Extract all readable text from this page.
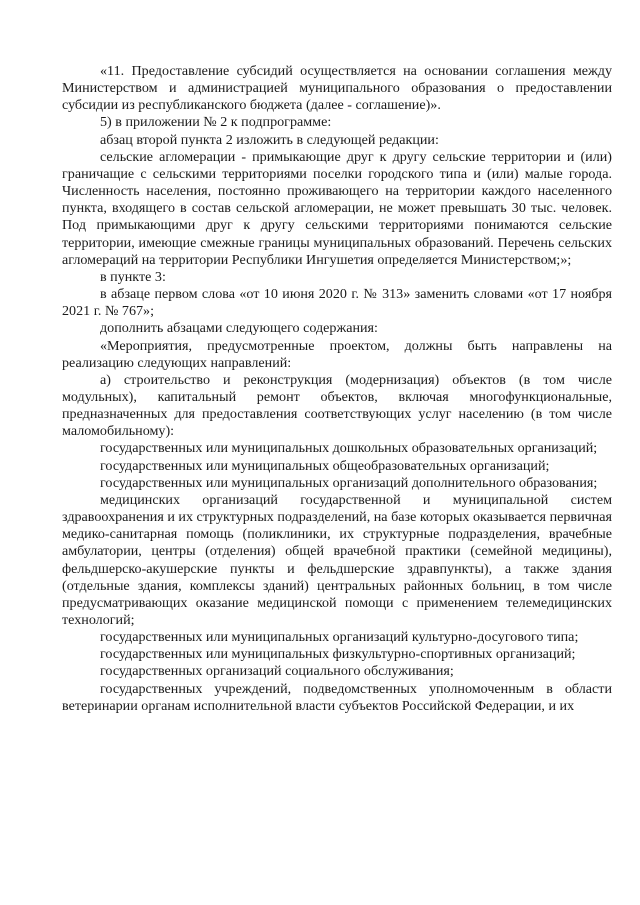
«11. Предоставление субсидий осуществляется на основании соглашения между Министерством и администрацией муниципального образования о предоставлении субсидии из республиканского бюджета (далее - соглашение)».

5) в приложении № 2 к подпрограмме:

абзац второй пункта 2 изложить в следующей редакции:

сельские агломерации - примыкающие друг к другу сельские территории и (или) граничащие с сельскими территориями поселки городского типа и (или) малые города. Численность населения, постоянно проживающего на территории каждого населенного пункта, входящего в состав сельской агломерации, не может превышать 30 тыс. человек. Под примыкающими друг к другу сельскими территориями понимаются сельские территории, имеющие смежные границы муниципальных образований. Перечень сельских агломераций на территории Республики Ингушетия определяется Министерством;»;

в пункте 3:

в абзаце первом слова «от 10 июня 2020 г. № 313» заменить словами «от 17 ноября 2021 г. № 767»;

дополнить абзацами следующего содержания:

«Мероприятия, предусмотренные проектом, должны быть направлены на реализацию следующих направлений:

а) строительство и реконструкция (модернизация) объектов (в том числе модульных), капитальный ремонт объектов, включая многофункциональные, предназначенных для предоставления соответствующих услуг населению (в том числе маломобильному):

государственных или муниципальных дошкольных образовательных организаций;

государственных или муниципальных общеобразовательных организаций;

государственных или муниципальных организаций дополнительного образования;

медицинских организаций государственной и муниципальной систем здравоохранения и их структурных подразделений, на базе которых оказывается первичная медико-санитарная помощь (поликлиники, их структурные подразделения, врачебные амбулатории, центры (отделения) общей врачебной практики (семейной медицины), фельдшерско-акушерские пункты и фельдшерские здравпункты), а также здания (отдельные здания, комплексы зданий) центральных районных больниц, в том числе предусматривающих оказание медицинской помощи с применением телемедицинских технологий;

государственных или муниципальных организаций культурно-досугового типа;

государственных или муниципальных физкультурно-спортивных организаций;

государственных организаций социального обслуживания;

государственных учреждений, подведомственных уполномоченным в области ветеринарии органам исполнительной власти субъектов Российской Федерации, и их
